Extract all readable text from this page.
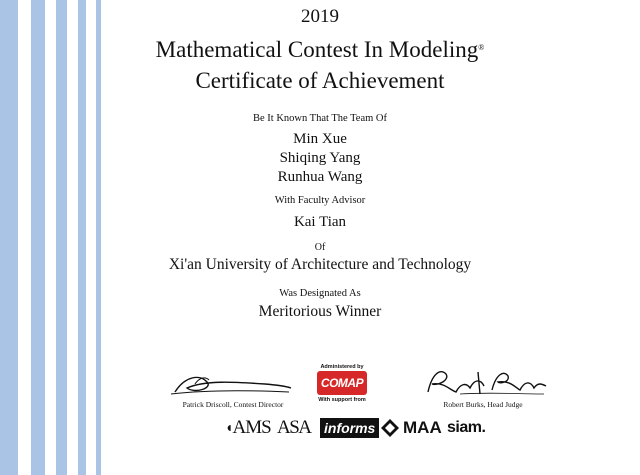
2019
Mathematical Contest In Modeling®
Certificate of Achievement
Be It Known That The Team Of
Min Xue
Shiqing Yang
Runhua Wang
With Faculty Advisor
Kai Tian
Of
Xi'an University of Architecture and Technology
Was Designated As
Meritorious Winner
Patrick Driscoll, Contest Director
Administered by
COMAP
With support from	Robert Burks, Head Judge
◖AMS ASA informs MAA siam.
